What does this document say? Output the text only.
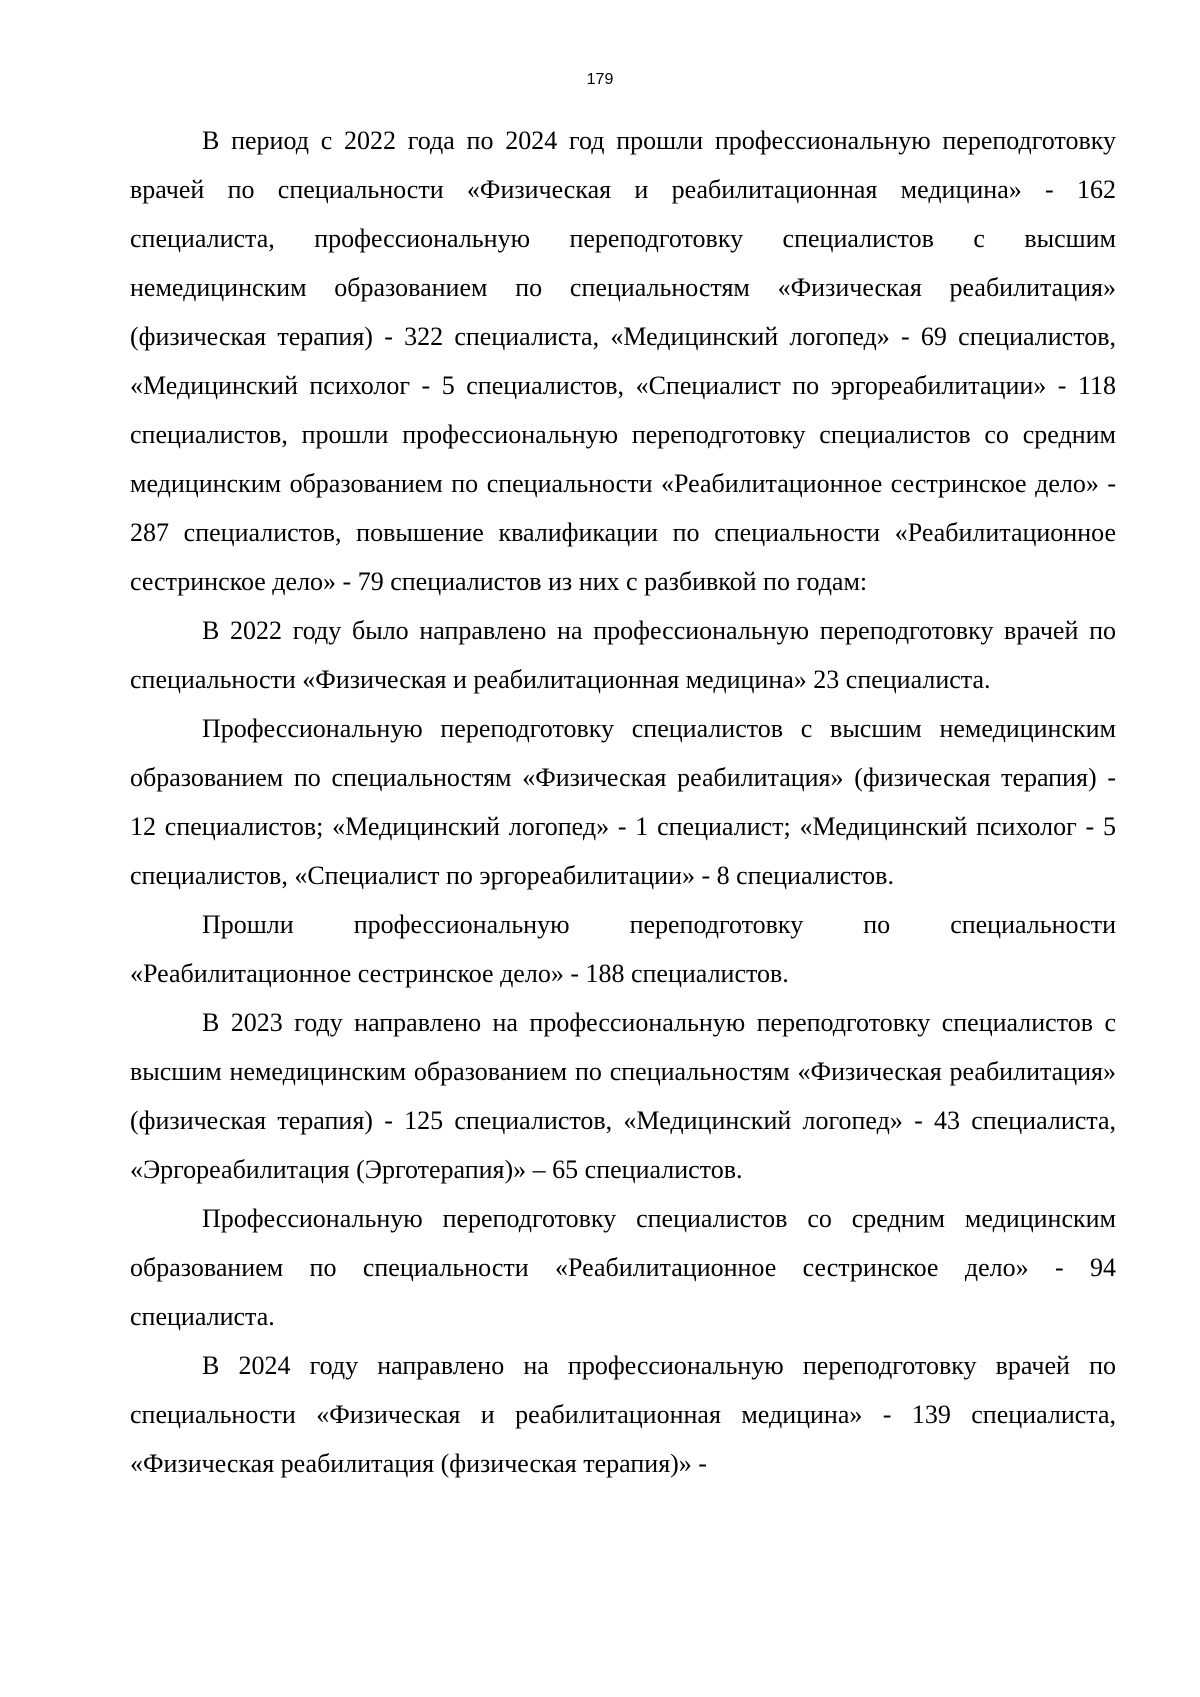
179

В период с 2022 года по 2024 год прошли профессиональную переподготовку врачей по специальности «Физическая и реабилитационная медицина» - 162 специалиста, профессиональную переподготовку специалистов с высшим немедицинским образованием по специальностям «Физическая реабилитация» (физическая терапия) - 322 специалиста, «Медицинский логопед» - 69 специалистов, «Медицинский психолог - 5 специалистов, «Специалист по эргореабилитации» - 118 специалистов, прошли профессиональную переподготовку специалистов со средним медицинским образованием по специальности «Реабилитационное сестринское дело» - 287 специалистов, повышение квалификации по специальности «Реабилитационное сестринское дело» - 79 специалистов из них с разбивкой по годам:

В 2022 году было направлено на профессиональную переподготовку врачей по специальности «Физическая и реабилитационная медицина» 23 специалиста.

Профессиональную переподготовку специалистов с высшим немедицинским образованием по специальностям «Физическая реабилитация» (физическая терапия) - 12 специалистов; «Медицинский логопед» - 1 специалист; «Медицинский психолог - 5 специалистов, «Специалист по эргореабилитации» - 8 специалистов.

Прошли профессиональную переподготовку по специальности «Реабилитационное сестринское дело» - 188 специалистов.

В 2023 году направлено на профессиональную переподготовку специалистов с высшим немедицинским образованием по специальностям «Физическая реабилитация» (физическая терапия) - 125 специалистов, «Медицинский логопед» - 43 специалиста, «Эргореабилитация (Эрготерапия)» – 65 специалистов.

Профессиональную переподготовку специалистов со средним медицинским образованием по специальности «Реабилитационное сестринское дело» - 94 специалиста.

В 2024 году направлено на профессиональную переподготовку врачей по специальности «Физическая и реабилитационная медицина» - 139 специалиста, «Физическая реабилитация (физическая терапия)» -
